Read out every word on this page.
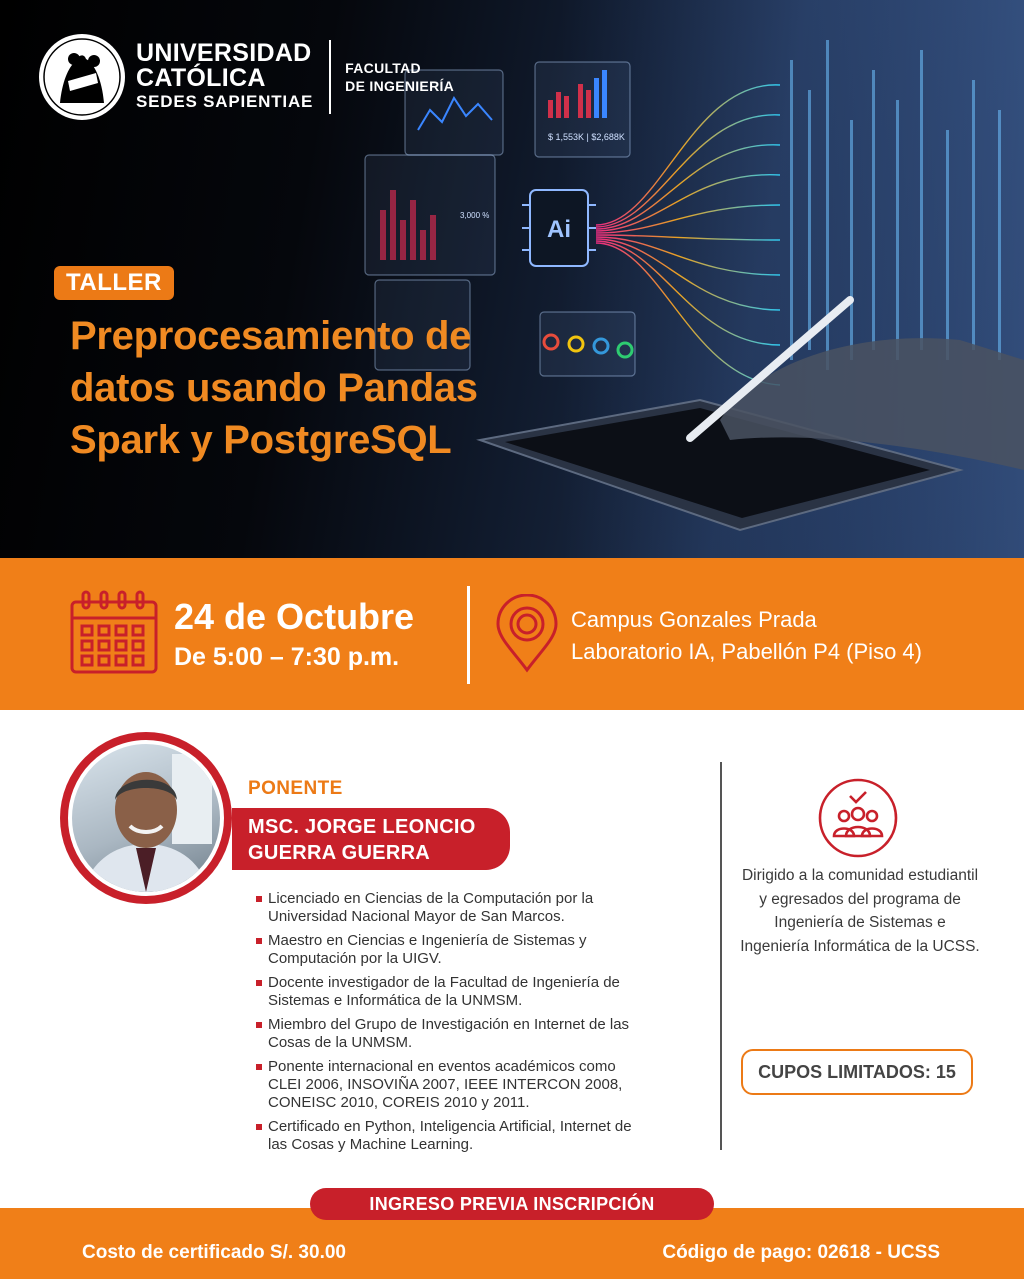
$ 1,553K | $2,688K
3,000 %
Ai
UNIVERSIDAD
CATÓLICA
SEDES SAPIENTIAE
FACULTAD
DE INGENIERÍA
TALLER
Preprocesamiento de datos usando Pandas Spark y PostgreSQL
24 de Octubre
De 5:00 – 7:30 p.m.
Campus Gonzales Prada
Laboratorio IA, Pabellón P4 (Piso 4)
PONENTE
MSC. JORGE LEONCIO
GUERRA GUERRA
Licenciado en Ciencias de la Computación por la Universidad Nacional Mayor de San Marcos.
Maestro en Ciencias e Ingeniería de Sistemas y Computación por la UIGV.
Docente investigador de la Facultad de Ingeniería de Sistemas e Informática de la UNMSM.
Miembro del Grupo de Investigación en Internet de las Cosas de la UNMSM.
Ponente internacional en eventos académicos como CLEI 2006, INSOVIÑA 2007, IEEE INTERCON 2008, CONEISC 2010, COREIS 2010 y 2011.
Certificado en Python, Inteligencia Artificial, Internet de las Cosas y Machine Learning.
Dirigido a la comunidad estudiantil y egresados del programa de Ingeniería de Sistemas e Ingeniería Informática de la UCSS.
CUPOS LIMITADOS: 15
INGRESO PREVIA INSCRIPCIÓN
Costo de certificado S/. 30.00	Código de pago: 02618 - UCSS
